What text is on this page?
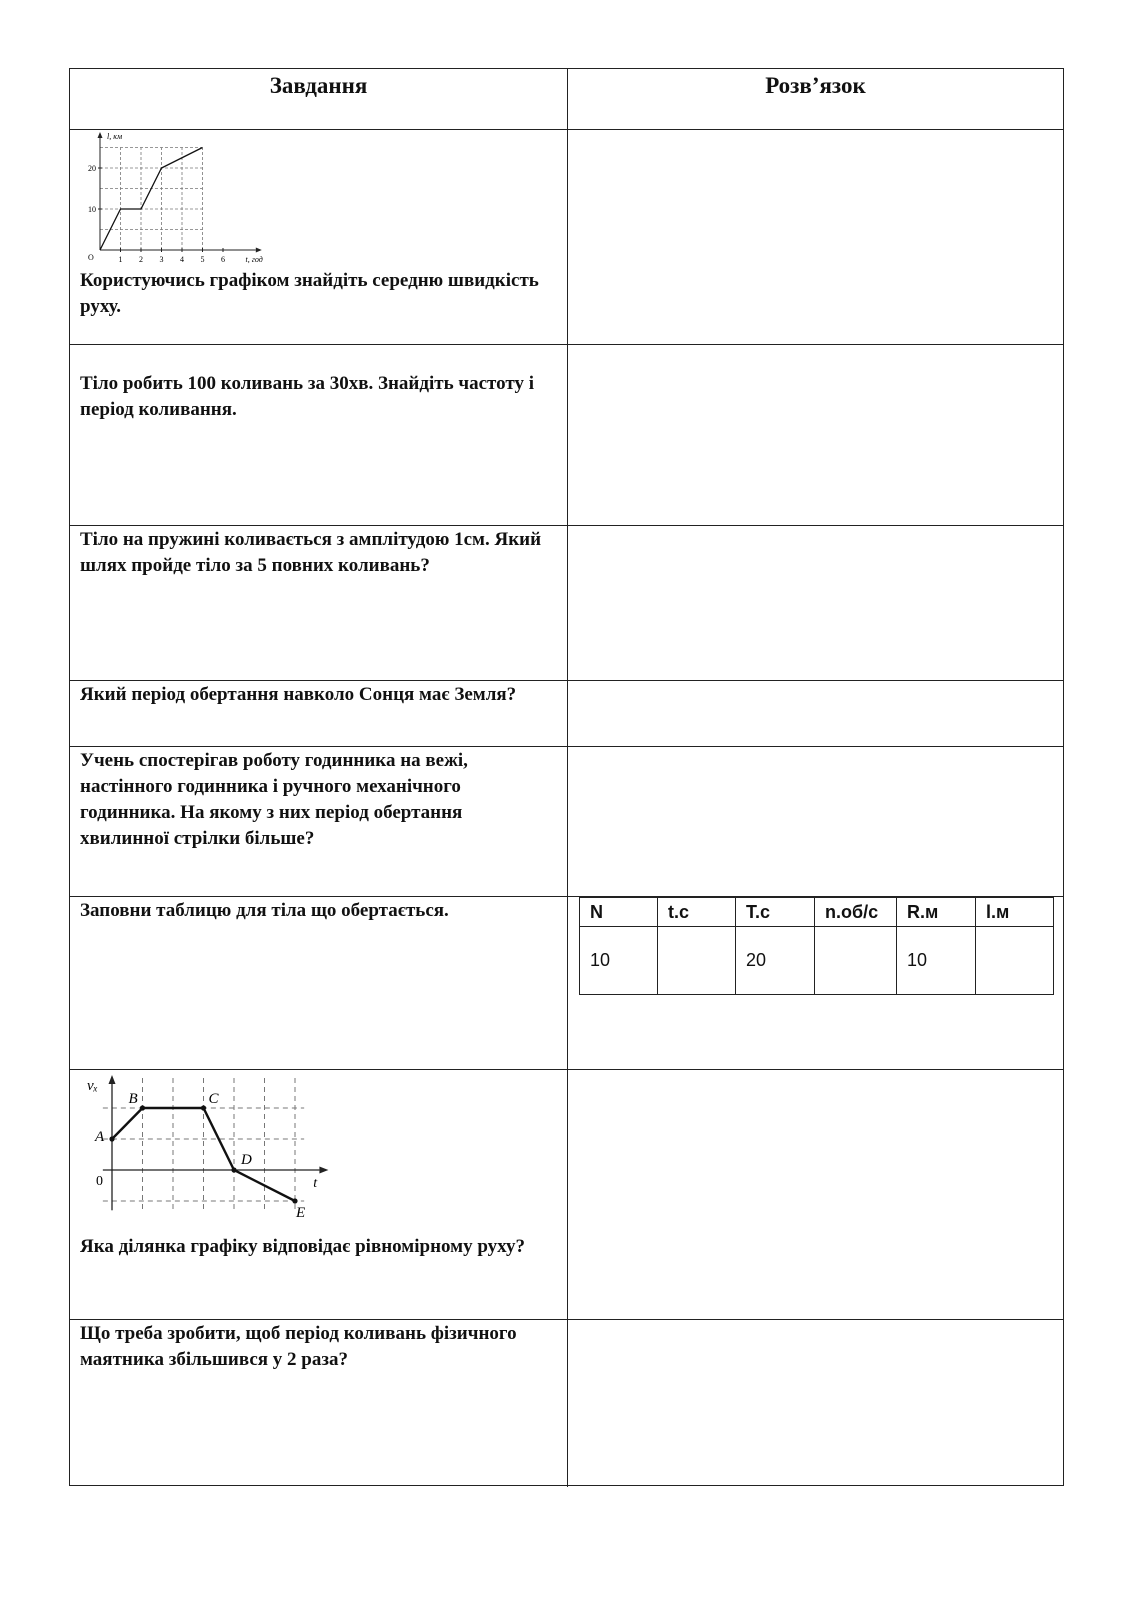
Завдання	Розв’язок
1 2 3 4 5 6
10
20
O
l, км
t, год
Користуючись графіком знайдіть середню швидкість руху.
Тіло робить 100 коливань за 30хв. Знайдіть частоту і період коливання.
Тіло на пружині коливається з амплітудою 1см. Який шлях пройде тіло за 5 повних коливань?
Який період обертання навколо Сонця має Земля?
Учень спостерігав роботу годинника на вежі, настінного годинника і ручного механічного годинника. На якому з них період обертання хвилинної стрілки більше?
Заповни таблицю для тіла що обертається.	N	t.c	T.c	n.об/с	R.м	l.м
10		20		10	
vₓ
t
0
A
B	C
D
E
Яка ділянка графіку відповідає рівномірному руху?
Що треба зробити, щоб період коливань фізичного маятника збільшився у 2 раза?
